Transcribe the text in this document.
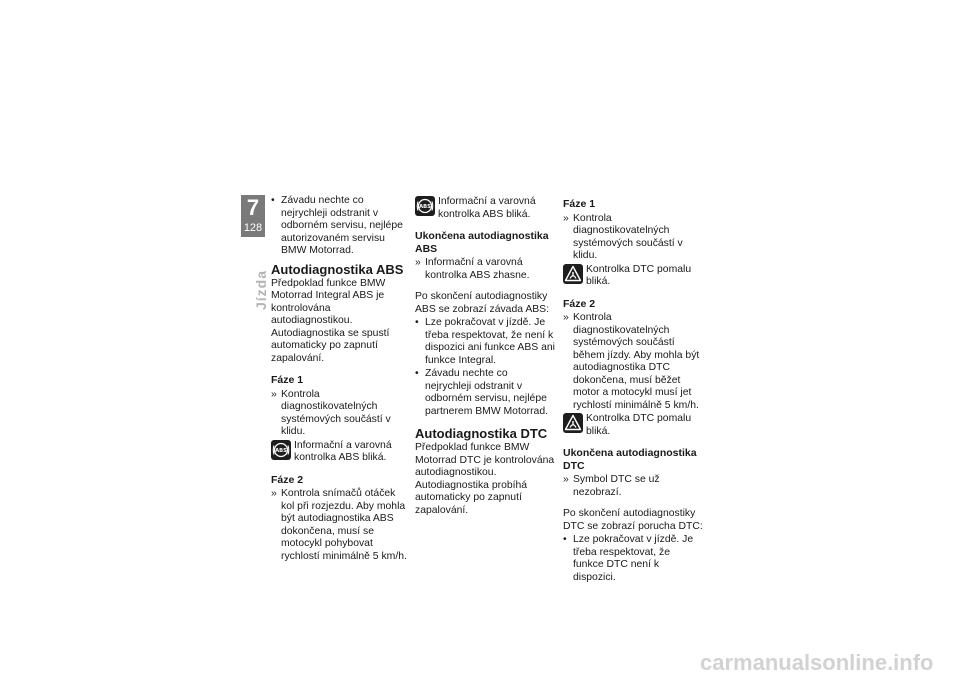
7
128
Jízda
• Závadu nechte co nejrychleji odstranit v odborném servisu, nejlépe autorizovaném servisu BMW Motorrad.
Autodiagnostika ABS

Předpoklad funkce BMW Motorrad Integral ABS je kontrolována autodiagnostikou. Autodiagnostika se spustí automaticky po zapnutí zapalování.

Fáze 1
» Kontrola diagnostikovatelných systémových součástí v klidu.
ABS Informační a varovná kontrolka ABS bliká.
Fáze 2
» Kontrola snímačů otáček kol při rozjezdu. Aby mohla být autodiagnostika ABS dokončena, musí se motocykl pohybovat rychlostí minimálně 5 km/h.
ABS Informační a varovná kontrolka ABS bliká.
Ukončena autodiagnostika ABS
» Informační a varovná kontrolka ABS zhasne.

Po skončení autodiagnostiky ABS se zobrazí závada ABS:

• Lze pokračovat v jízdě. Je třeba respektovat, že není k dispozici ani funkce ABS ani funkce Integral.
• Závadu nechte co nejrychleji odstranit v odborném servisu, nejlépe partnerem BMW Motorrad.
Autodiagnostika DTC

Předpoklad funkce BMW Motorrad DTC je kontrolována autodiagnostikou. Autodiagnostika probíhá automaticky po zapnutí zapalování.

Fáze 1
» Kontrola diagnostikovatelných systémových součástí v klidu.
Kontrolka DTC pomalu bliká.
Fáze 2
» Kontrola diagnostikovatelných systémových součástí během jízdy. Aby mohla být autodiagnostika DTC dokončena, musí běžet motor a motocykl musí jet rychlostí minimálně 5 km/h.
Kontrolka DTC pomalu bliká.
Ukončena autodiagnostika DTC
» Symbol DTC se už nezobrazí.

Po skončení autodiagnostiky DTC se zobrazí porucha DTC:

• Lze pokračovat v jízdě. Je třeba respektovat, že funkce DTC není k dispozici.
carmanualsonline.info
